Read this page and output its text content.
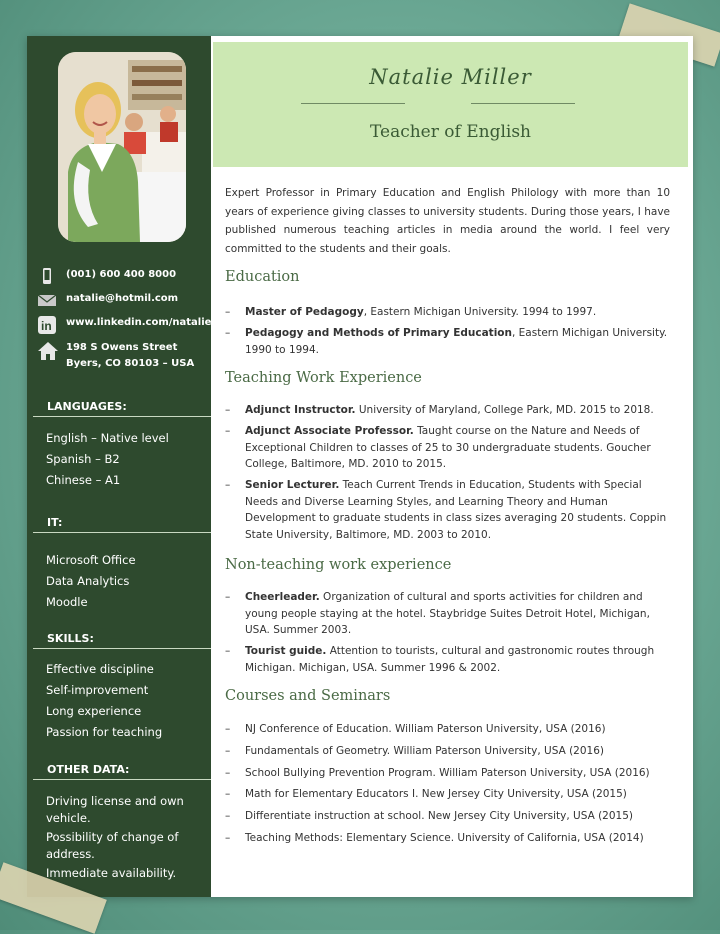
(001) 600 400 8000
natalie@hotmil.com
in www.linkedin.com/natalie
198 S Owens Street
Byers, CO 80103 – USA
LANGUAGES:
English – Native level
Spanish – B2
Chinese – A1
IT:
Microsoft Office
Data Analytics
Moodle
SKILLS:
Effective discipline
Self-improvement
Long experience
Passion for teaching
OTHER DATA:
Driving license and own vehicle.
Possibility of change of address.
Immediate availability.
Natalie Miller
Teacher of English
Expert Professor in Primary Education and English Philology with more than 10 years of experience giving classes to university students. During those years, I have published numerous teaching articles in media around the world. I feel very committed to the students and their goals.
Education
– Master of Pedagogy, Eastern Michigan University. 1994 to 1997.
– Pedagogy and Methods of Primary Education, Eastern Michigan University. 1990 to 1994.
Teaching Work Experience
– Adjunct Instructor. University of Maryland, College Park, MD. 2015 to 2018.
– Adjunct Associate Professor. Taught course on the Nature and Needs of Exceptional Children to classes of 25 to 30 undergraduate students. Goucher College, Baltimore, MD. 2010 to 2015.
– Senior Lecturer. Teach Current Trends in Education, Students with Special Needs and Diverse Learning Styles, and Learning Theory and Human Development to graduate students in class sizes averaging 20 students. Coppin State University, Baltimore, MD. 2003 to 2010.
Non-teaching work experience
– Cheerleader. Organization of cultural and sports activities for children and young people staying at the hotel. Staybridge Suites Detroit Hotel, Michigan, USA. Summer 2003.
– Tourist guide. Attention to tourists, cultural and gastronomic routes through Michigan. Michigan, USA. Summer 1996 & 2002.
Courses and Seminars
– NJ Conference of Education. William Paterson University, USA (2016)
– Fundamentals of Geometry. William Paterson University, USA (2016)
– School Bullying Prevention Program. William Paterson University, USA (2016)
– Math for Elementary Educators I. New Jersey City University, USA (2015)
– Differentiate instruction at school. New Jersey City University, USA (2015)
– Teaching Methods: Elementary Science. University of California, USA (2014)
